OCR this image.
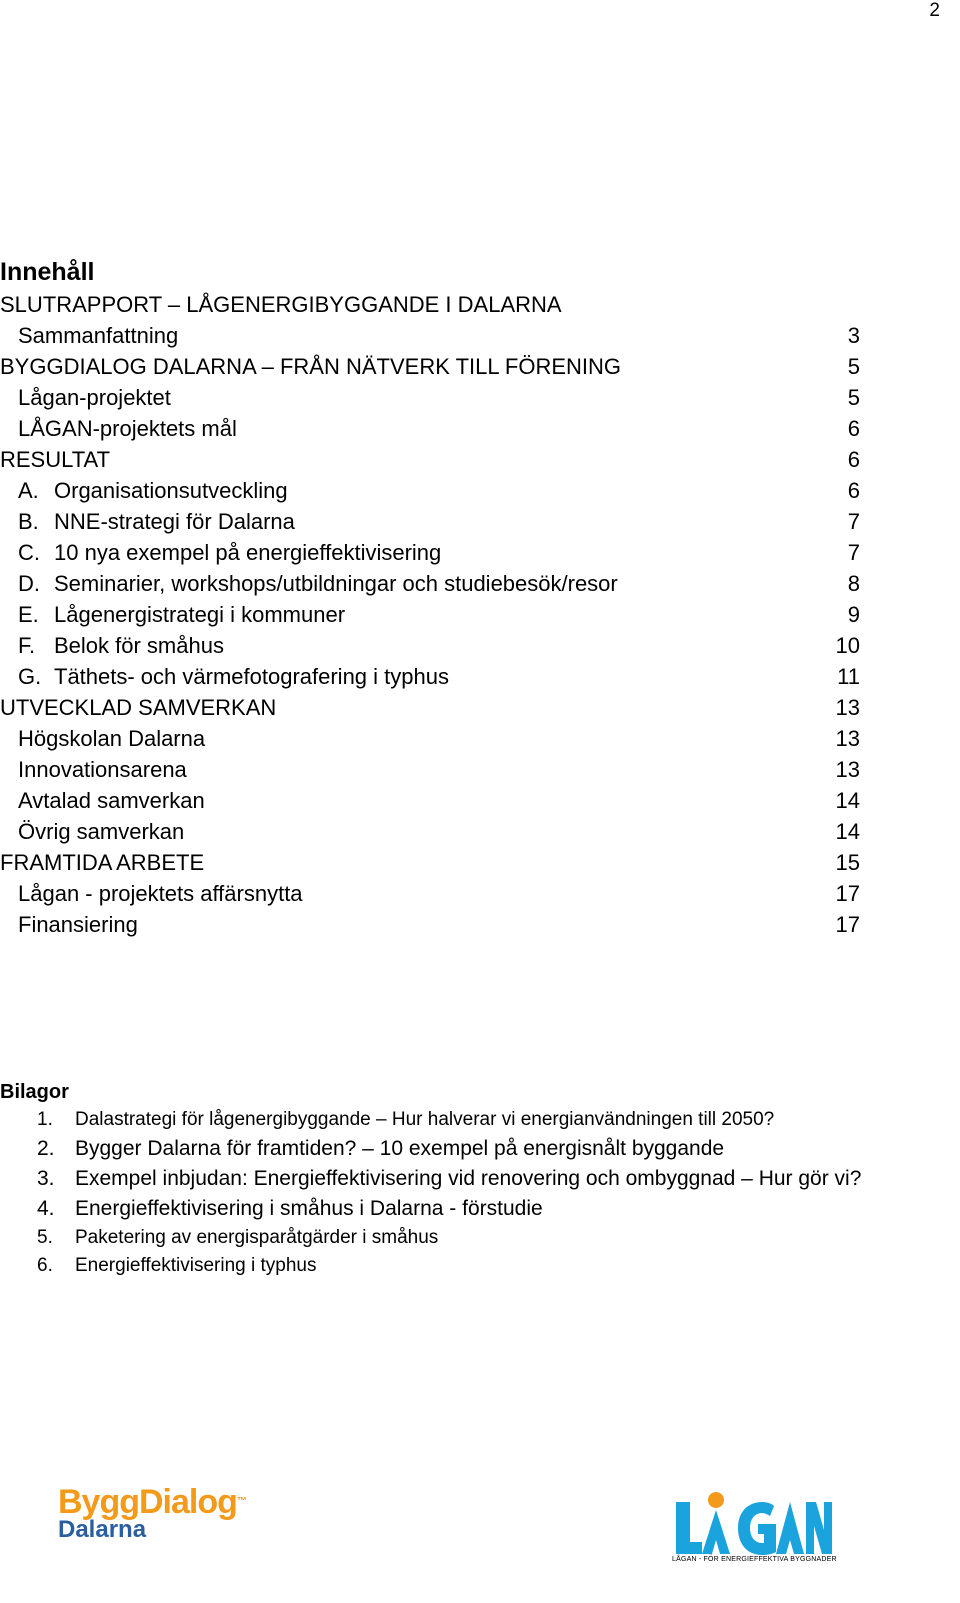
2
Innehåll
SLUTRAPPORT – LÅGENERGIBYGGANDE I DALARNA
Sammanfattning	3
BYGGDIALOG DALARNA – FRÅN NÄTVERK TILL FÖRENING	5
Lågan-projektet	5
LÅGAN-projektets mål	6
RESULTAT	6
A. Organisationsutveckling	6
B. NNE-strategi för Dalarna	7
C. 10 nya exempel på energieffektivisering	7
D. Seminarier, workshops/utbildningar och studiebesök/resor	8
E. Lågenergistrategi i kommuner	9
F. Belok för småhus	10
G. Täthets- och värmefotografering i typhus	11
UTVECKLAD SAMVERKAN	13
Högskolan Dalarna	13
Innovationsarena	13
Avtalad samverkan	14
Övrig samverkan	14
FRAMTIDA ARBETE	15
Lågan - projektets affärsnytta	17
Finansiering	17
Bilagor
1. Dalastrategi för lågenergibyggande – Hur halverar vi energianvändningen till 2050?
2. Bygger Dalarna för framtiden? – 10 exempel på energisnålt byggande
3. Exempel inbjudan: Energieffektivisering vid renovering och ombyggnad – Hur gör vi?
4. Energieffektivisering i småhus i Dalarna - förstudie
5. Paketering av energisparåtgärder i småhus
6. Energieffektivisering i typhus
ByggDialog™
Dalarna
LÅGAN - FÖR ENERGIEFFEKTIVA BYGGNADER
